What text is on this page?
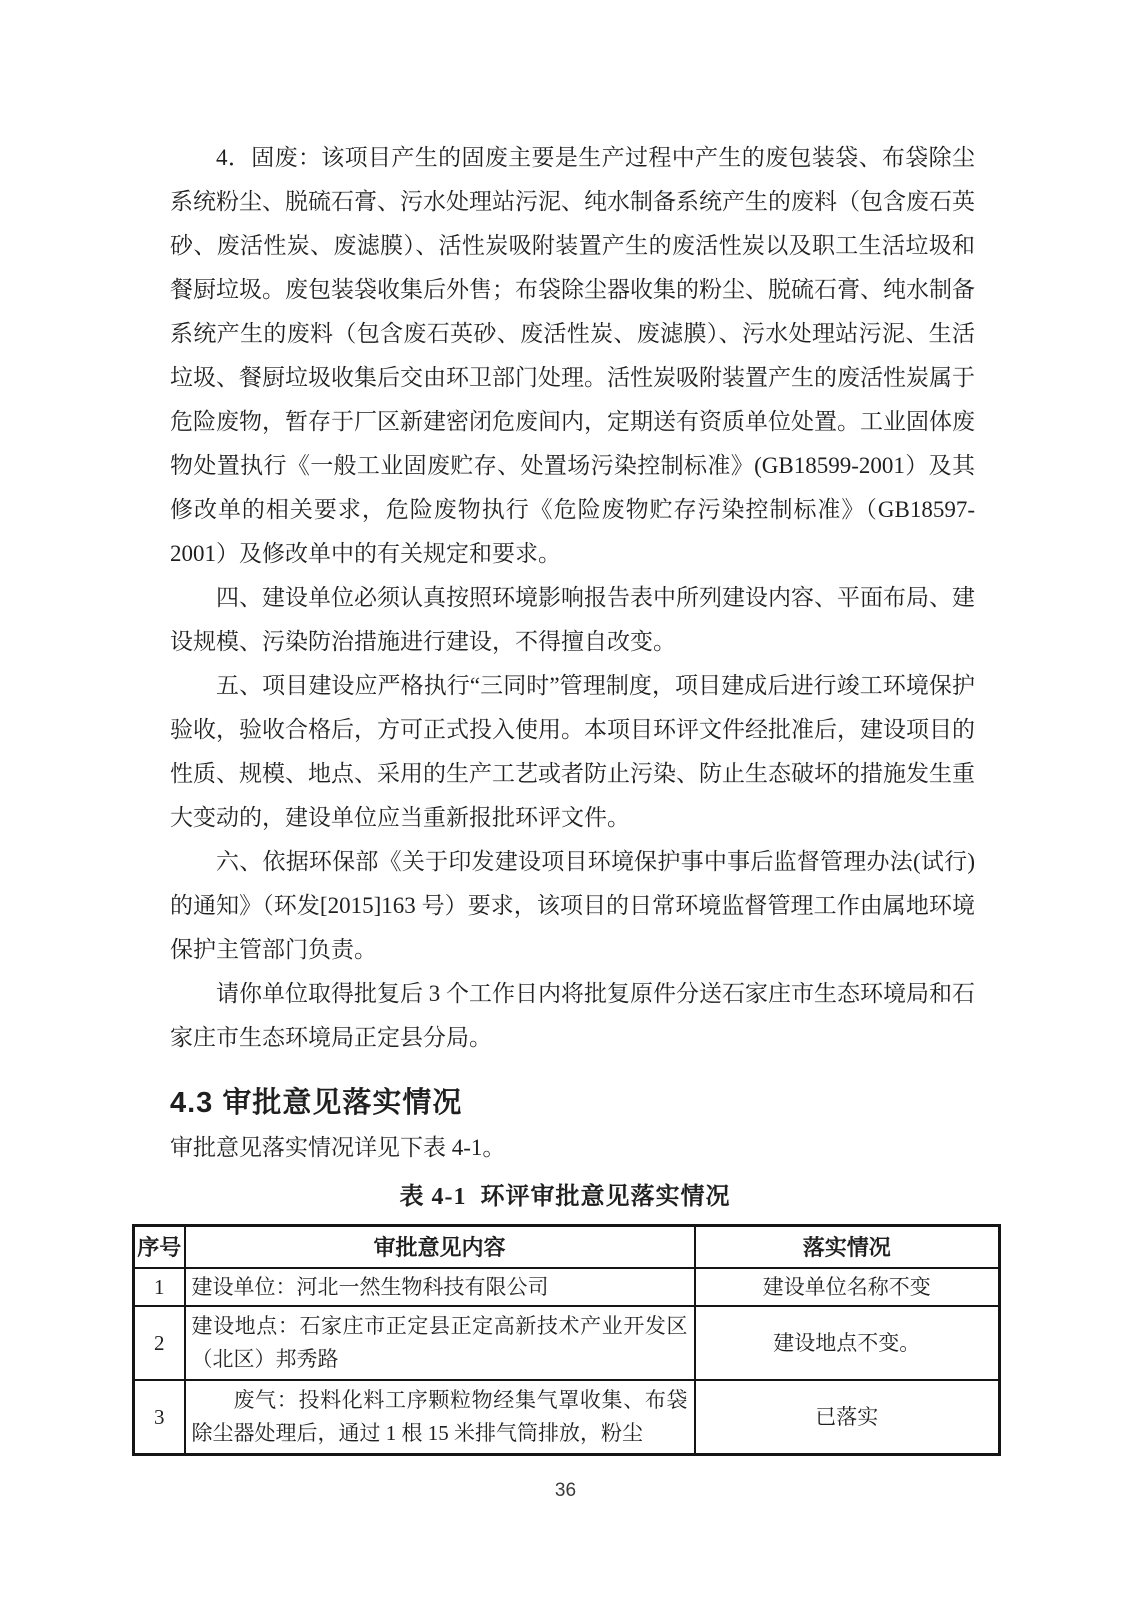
4．固废：该项目产生的固废主要是生产过程中产生的废包装袋、布袋除尘系统粉尘、脱硫石膏、污水处理站污泥、纯水制备系统产生的废料（包含废石英砂、废活性炭、废滤膜）、活性炭吸附装置产生的废活性炭以及职工生活垃圾和餐厨垃圾。废包装袋收集后外售；布袋除尘器收集的粉尘、脱硫石膏、纯水制备系统产生的废料（包含废石英砂、废活性炭、废滤膜）、污水处理站污泥、生活垃圾、餐厨垃圾收集后交由环卫部门处理。活性炭吸附装置产生的废活性炭属于危险废物，暂存于厂区新建密闭危废间内，定期送有资质单位处置。工业固体废物处置执行《一般工业固废贮存、处置场污染控制标准》(GB18599-2001）及其修改单的相关要求，危险废物执行《危险废物贮存污染控制标准》（GB18597-2001）及修改单中的有关规定和要求。

四、建设单位必须认真按照环境影响报告表中所列建设内容、平面布局、建设规模、污染防治措施进行建设，不得擅自改变。

五、项目建设应严格执行“三同时”管理制度，项目建成后进行竣工环境保护验收，验收合格后，方可正式投入使用。本项目环评文件经批准后，建设项目的性质、规模、地点、采用的生产工艺或者防止污染、防止生态破坏的措施发生重大变动的，建设单位应当重新报批环评文件。

六、依据环保部《关于印发建设项目环境保护事中事后监督管理办法(试行)的通知》（环发[2015]163 号）要求，该项目的日常环境监督管理工作由属地环境保护主管部门负责。

请你单位取得批复后 3 个工作日内将批复原件分送石家庄市生态环境局和石家庄市生态环境局正定县分局。

4.3 审批意见落实情况

审批意见落实情况详见下表 4-1。

表 4-1  环评审批意见落实情况
序号	审批意见内容	落实情况
1	建设单位：河北一然生物科技有限公司	建设单位名称不变
2	建设地点：石家庄市正定县正定高新技术产业开发区（北区）邦秀路	建设地点不变。
3	废气：投料化料工序颗粒物经集气罩收集、布袋除尘器处理后，通过 1 根 15 米排气筒排放，粉尘	已落实
36
